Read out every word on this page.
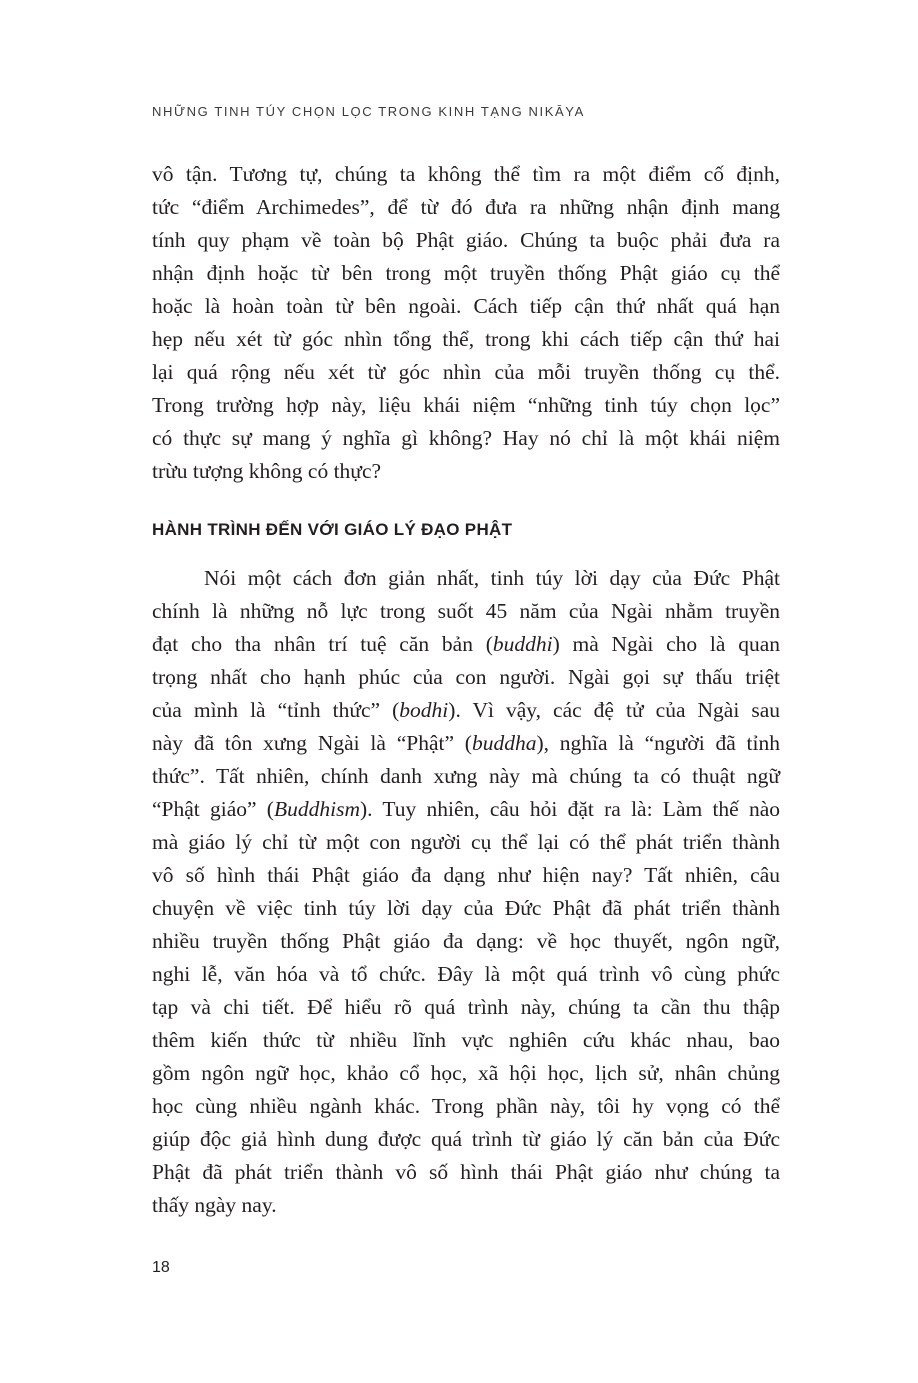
NHỮNG TINH TÚY CHỌN LỌC TRONG KINH TẠNG NIKĀYA
vô tận. Tương tự, chúng ta không thể tìm ra một điểm cố định,
tức “điểm Archimedes”, để từ đó đưa ra những nhận định mang
tính quy phạm về toàn bộ Phật giáo. Chúng ta buộc phải đưa ra
nhận định hoặc từ bên trong một truyền thống Phật giáo cụ thể
hoặc là hoàn toàn từ bên ngoài. Cách tiếp cận thứ nhất quá hạn
hẹp nếu xét từ góc nhìn tổng thể, trong khi cách tiếp cận thứ hai
lại quá rộng nếu xét từ góc nhìn của mỗi truyền thống cụ thể.
Trong trường hợp này, liệu khái niệm “những tinh túy chọn lọc”
có thực sự mang ý nghĩa gì không? Hay nó chỉ là một khái niệm
trừu tượng không có thực?
HÀNH TRÌNH ĐẾN VỚI GIÁO LÝ ĐẠO PHẬT
Nói một cách đơn giản nhất, tinh túy lời dạy của Đức Phật
chính là những nỗ lực trong suốt 45 năm của Ngài nhằm truyền
đạt cho tha nhân trí tuệ căn bản (buddhi) mà Ngài cho là quan
trọng nhất cho hạnh phúc của con người. Ngài gọi sự thấu triệt
của mình là “tỉnh thức” (bodhi). Vì vậy, các đệ tử của Ngài sau
này đã tôn xưng Ngài là “Phật” (buddha), nghĩa là “người đã tỉnh
thức”. Tất nhiên, chính danh xưng này mà chúng ta có thuật ngữ
“Phật giáo” (Buddhism). Tuy nhiên, câu hỏi đặt ra là: Làm thế nào
mà giáo lý chỉ từ một con người cụ thể lại có thể phát triển thành
vô số hình thái Phật giáo đa dạng như hiện nay? Tất nhiên, câu
chuyện về việc tinh túy lời dạy của Đức Phật đã phát triển thành
nhiều truyền thống Phật giáo đa dạng: về học thuyết, ngôn ngữ,
nghi lễ, văn hóa và tổ chức. Đây là một quá trình vô cùng phức
tạp và chi tiết. Để hiểu rõ quá trình này, chúng ta cần thu thập
thêm kiến thức từ nhiều lĩnh vực nghiên cứu khác nhau, bao
gồm ngôn ngữ học, khảo cổ học, xã hội học, lịch sử, nhân chủng
học cùng nhiều ngành khác. Trong phần này, tôi hy vọng có thể
giúp độc giả hình dung được quá trình từ giáo lý căn bản của Đức
Phật đã phát triển thành vô số hình thái Phật giáo như chúng ta
thấy ngày nay.
18
